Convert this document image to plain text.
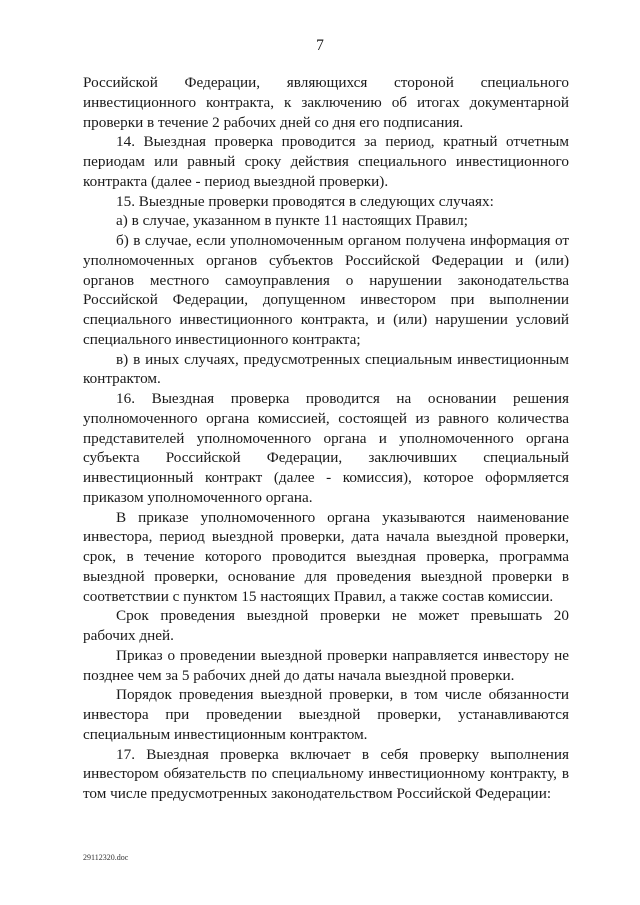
7

Российской Федерации, являющихся стороной специального инвестиционного контракта, к заключению об итогах документарной проверки в течение 2 рабочих дней со дня его подписания.

14. Выездная проверка проводится за период, кратный отчетным периодам или равный сроку действия специального инвестиционного контракта (далее - период выездной проверки).

15. Выездные проверки проводятся в следующих случаях:

а) в случае, указанном в пункте 11 настоящих Правил;

б) в случае, если уполномоченным органом получена информация от уполномоченных органов субъектов Российской Федерации и (или) органов местного самоуправления о нарушении законодательства Российской Федерации, допущенном инвестором при выполнении специального инвестиционного контракта, и (или) нарушении условий специального инвестиционного контракта;

в) в иных случаях, предусмотренных специальным инвестиционным контрактом.

16. Выездная проверка проводится на основании решения уполномоченного органа комиссией, состоящей из равного количества представителей уполномоченного органа и уполномоченного органа субъекта Российской Федерации, заключивших специальный инвестиционный контракт (далее - комиссия), которое оформляется приказом уполномоченного органа.

В приказе уполномоченного органа указываются наименование инвестора, период выездной проверки, дата начала выездной проверки, срок, в течение которого проводится выездная проверка, программа выездной проверки, основание для проведения выездной проверки в соответствии с пунктом 15 настоящих Правил, а также состав комиссии.

Срок проведения выездной проверки не может превышать 20 рабочих дней.

Приказ о проведении выездной проверки направляется инвестору не позднее чем за 5 рабочих дней до даты начала выездной проверки.

Порядок проведения выездной проверки, в том числе обязанности инвестора при проведении выездной проверки, устанавливаются специальным инвестиционным контрактом.

17. Выездная проверка включает в себя проверку выполнения инвестором обязательств по специальному инвестиционному контракту, в том числе предусмотренных законодательством Российской Федерации:

29112320.doc
